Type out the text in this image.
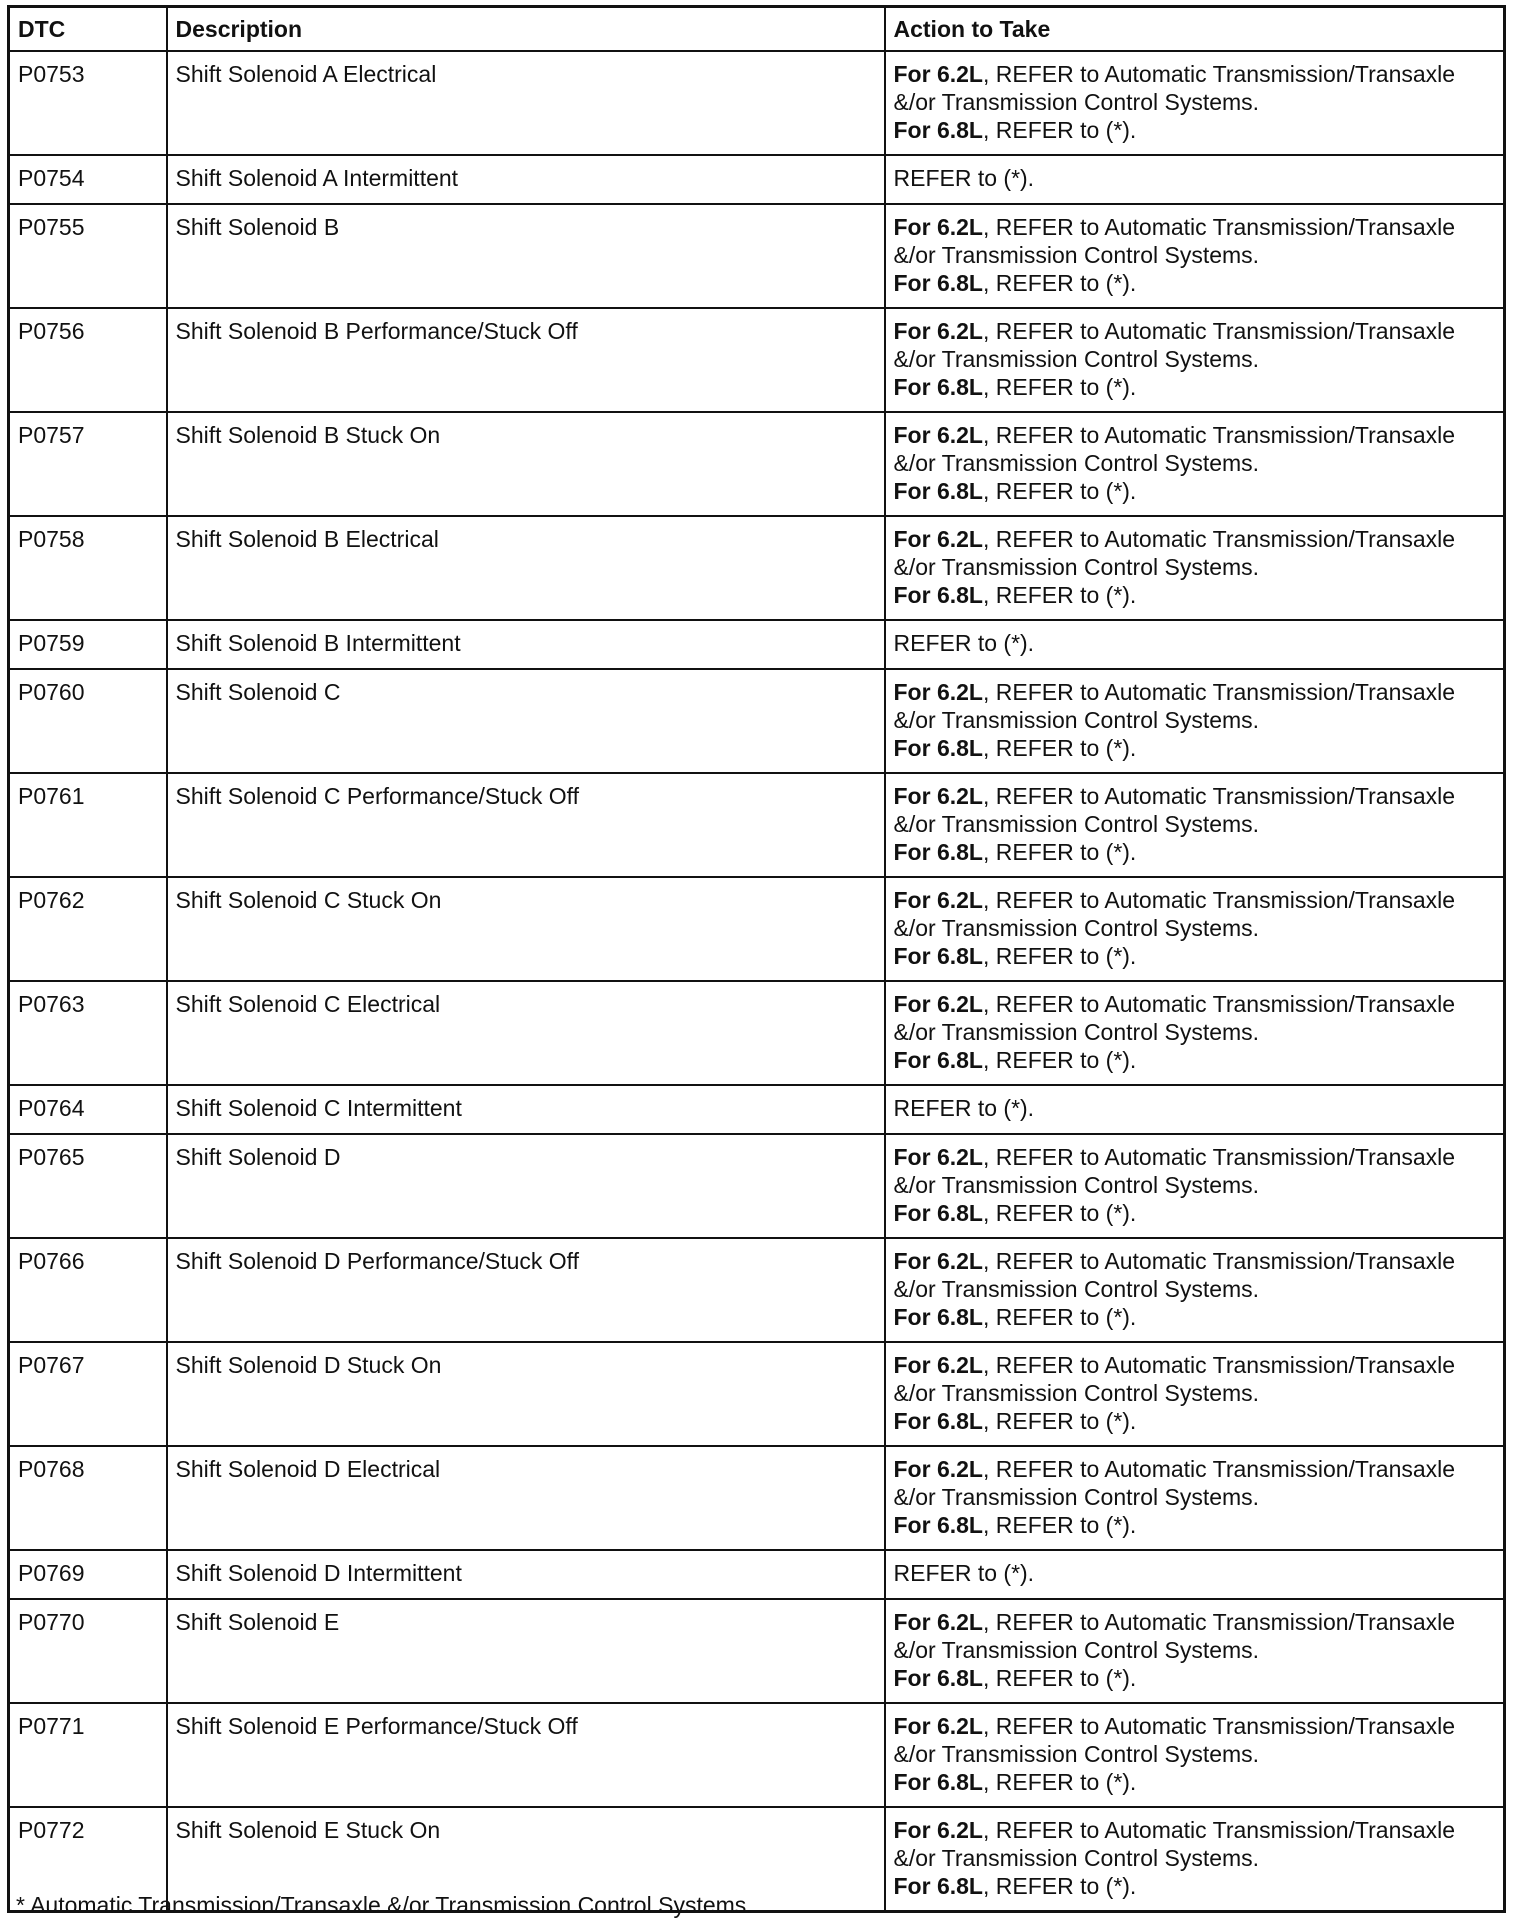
DTC	Description	Action to Take
P0753	Shift Solenoid A Electrical	For 6.2L, REFER to Automatic Transmission/Transaxle
&/or Transmission Control Systems.
For 6.8L, REFER to (*).

P0754	Shift Solenoid A Intermittent	REFER to (*).

P0755	Shift Solenoid B	For 6.2L, REFER to Automatic Transmission/Transaxle
&/or Transmission Control Systems.
For 6.8L, REFER to (*).

P0756	Shift Solenoid B Performance/Stuck Off	For 6.2L, REFER to Automatic Transmission/Transaxle
&/or Transmission Control Systems.
For 6.8L, REFER to (*).

P0757	Shift Solenoid B Stuck On	For 6.2L, REFER to Automatic Transmission/Transaxle
&/or Transmission Control Systems.
For 6.8L, REFER to (*).

P0758	Shift Solenoid B Electrical	For 6.2L, REFER to Automatic Transmission/Transaxle
&/or Transmission Control Systems.
For 6.8L, REFER to (*).

P0759	Shift Solenoid B Intermittent	REFER to (*).

P0760	Shift Solenoid C	For 6.2L, REFER to Automatic Transmission/Transaxle
&/or Transmission Control Systems.
For 6.8L, REFER to (*).

P0761	Shift Solenoid C Performance/Stuck Off	For 6.2L, REFER to Automatic Transmission/Transaxle
&/or Transmission Control Systems.
For 6.8L, REFER to (*).

P0762	Shift Solenoid C Stuck On	For 6.2L, REFER to Automatic Transmission/Transaxle
&/or Transmission Control Systems.
For 6.8L, REFER to (*).

P0763	Shift Solenoid C Electrical	For 6.2L, REFER to Automatic Transmission/Transaxle
&/or Transmission Control Systems.
For 6.8L, REFER to (*).

P0764	Shift Solenoid C Intermittent	REFER to (*).

P0765	Shift Solenoid D	For 6.2L, REFER to Automatic Transmission/Transaxle
&/or Transmission Control Systems.
For 6.8L, REFER to (*).

P0766	Shift Solenoid D Performance/Stuck Off	For 6.2L, REFER to Automatic Transmission/Transaxle
&/or Transmission Control Systems.
For 6.8L, REFER to (*).

P0767	Shift Solenoid D Stuck On	For 6.2L, REFER to Automatic Transmission/Transaxle
&/or Transmission Control Systems.
For 6.8L, REFER to (*).

P0768	Shift Solenoid D Electrical	For 6.2L, REFER to Automatic Transmission/Transaxle
&/or Transmission Control Systems.
For 6.8L, REFER to (*).

P0769	Shift Solenoid D Intermittent	REFER to (*).

P0770	Shift Solenoid E	For 6.2L, REFER to Automatic Transmission/Transaxle
&/or Transmission Control Systems.
For 6.8L, REFER to (*).

P0771	Shift Solenoid E Performance/Stuck Off	For 6.2L, REFER to Automatic Transmission/Transaxle
&/or Transmission Control Systems.
For 6.8L, REFER to (*).

P0772	Shift Solenoid E Stuck On	For 6.2L, REFER to Automatic Transmission/Transaxle
&/or Transmission Control Systems.
For 6.8L, REFER to (*).
* Automatic Transmission/Transaxle &/or Transmission Control Systems.
